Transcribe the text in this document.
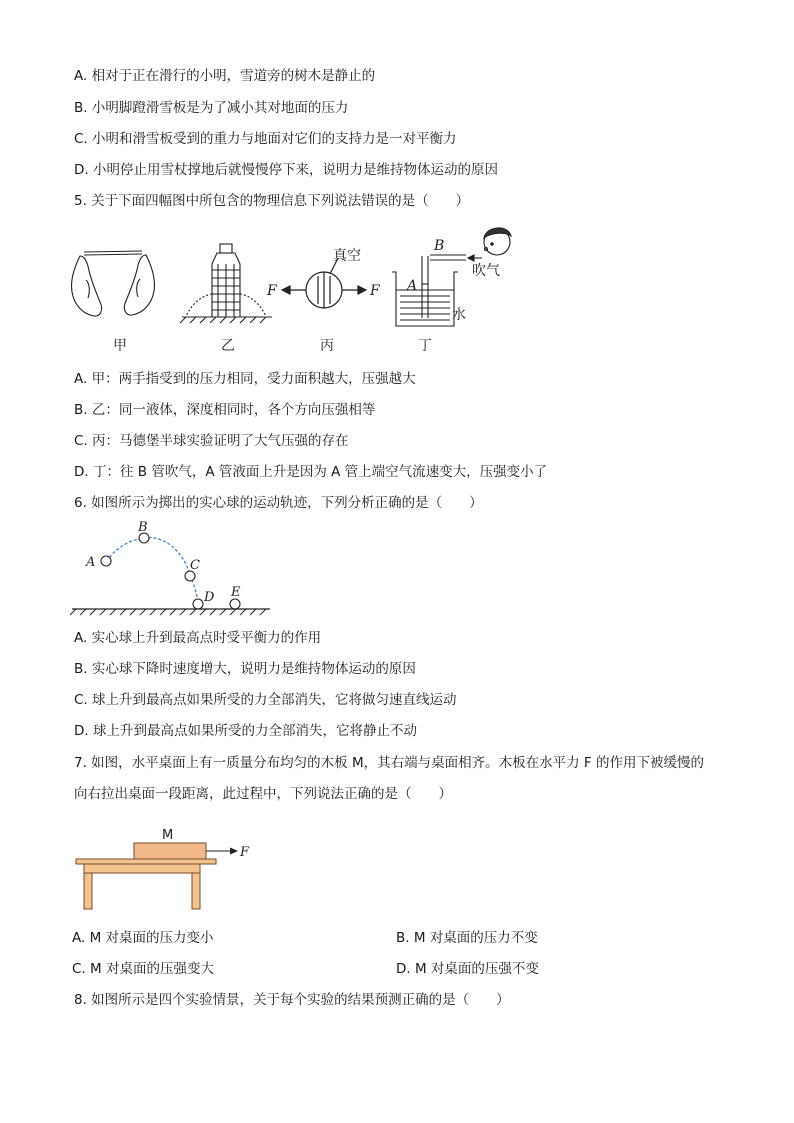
A. 相对于正在滑行的小明，雪道旁的树木是静止的
B. 小明脚蹬滑雪板是为了减小其对地面的压力
C. 小明和滑雪板受到的重力与地面对它们的支持力是一对平衡力
D. 小明停止用雪杖撑地后就慢慢停下来，说明力是维持物体运动的原因
5. 关于下面四幅图中所包含的物理信息下列说法错误的是（　　）
真空
F	F A
B
吹气
水
甲	乙	丙	丁
A. 甲：两手指受到的压力相同，受力面积越大，压强越大
B. 乙：同一液体，深度相同时，各个方向压强相等
C. 丙：马德堡半球实验证明了大气压强的存在
D. 丁：往 B 管吹气，A 管液面上升是因为 A 管上端空气流速变大，压强变小了
6. 如图所示为掷出的实心球的运动轨迹，下列分析正确的是（　　）
A
B
C
D E
A. 实心球上升到最高点时受平衡力的作用
B. 实心球下降时速度增大，说明力是维持物体运动的原因
C. 球上升到最高点如果所受的力全部消失，它将做匀速直线运动
D. 球上升到最高点如果所受的力全部消失，它将静止不动
7. 如图，水平桌面上有一质量分布均匀的木板 M，其右端与桌面相齐。木板在水平力 F 的作用下被缓慢的
向右拉出桌面一段距离，此过程中，下列说法正确的是（　　）
M
F
A. M 对桌面的压力变小	B. M 对桌面的压力不变
C. M 对桌面的压强变大	D. M 对桌面的压强不变
8. 如图所示是四个实验情景，关于每个实验的结果预测正确的是（　　）
